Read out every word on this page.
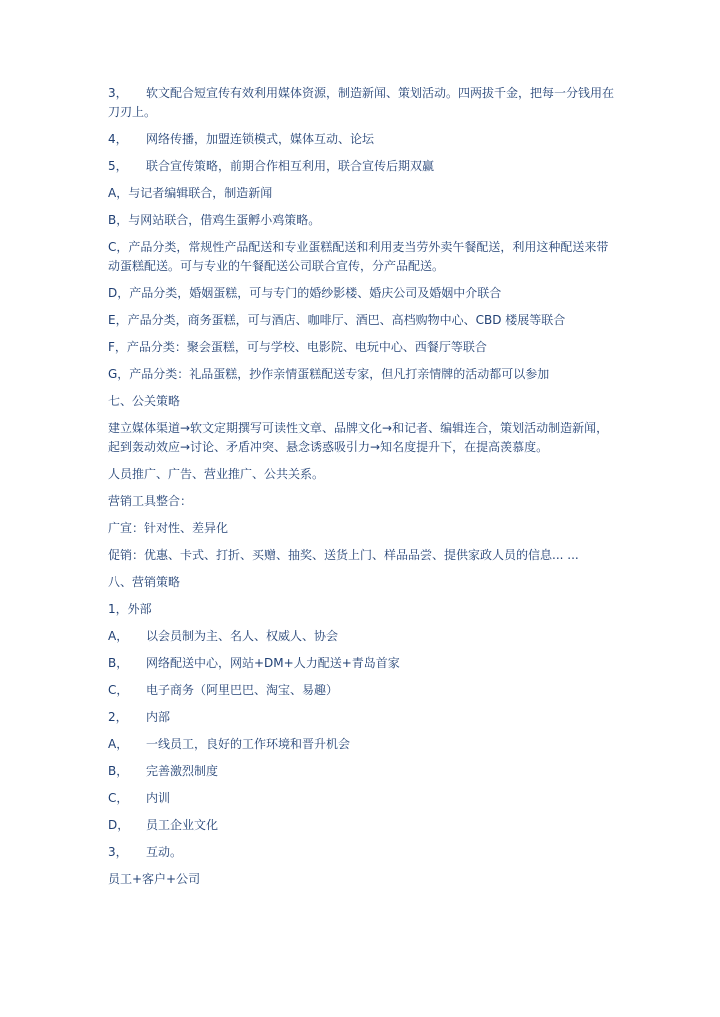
3， 软文配合短宣传有效利用媒体资源，制造新闻、策划活动。四两拔千金，把每一分钱用在刀刃上。

4， 网络传播，加盟连锁模式，媒体互动、论坛

5， 联合宣传策略，前期合作相互利用，联合宣传后期双赢

A，与记者编辑联合，制造新闻

B，与网站联合，借鸡生蛋孵小鸡策略。

C，产品分类，常规性产品配送和专业蛋糕配送和利用麦当劳外卖午餐配送，利用这种配送来带动蛋糕配送。可与专业的午餐配送公司联合宣传，分产品配送。

D，产品分类，婚姻蛋糕，可与专门的婚纱影楼、婚庆公司及婚姻中介联合

E，产品分类，商务蛋糕，可与酒店、咖啡厅、酒巴、高档购物中心、CBD 楼展等联合

F，产品分类：聚会蛋糕，可与学校、电影院、电玩中心、西餐厅等联合

G，产品分类：礼品蛋糕，抄作亲情蛋糕配送专家，但凡打亲情牌的活动都可以参加

七、公关策略

建立媒体渠道→软文定期撰写可读性文章、品牌文化→和记者、编辑连合，策划活动制造新闻，起到轰动效应→讨论、矛盾冲突、悬念诱惑吸引力→知名度提升下，在提高羡慕度。

人员推广、广告、营业推广、公共关系。

营销工具整合：

广宣：针对性、差异化

促销：优惠、卡式、打折、买赠、抽奖、送货上门、样品品尝、提供家政人员的信息... ...

八、营销策略

1，外部

A， 以会员制为主、名人、权威人、协会

B， 网络配送中心，网站+DM+人力配送+青岛首家

C， 电子商务（阿里巴巴、淘宝、易趣）

2， 内部

A， 一线员工，良好的工作环境和晋升机会

B， 完善激烈制度

C， 内训

D， 员工企业文化

3， 互动。

员工+客户+公司
